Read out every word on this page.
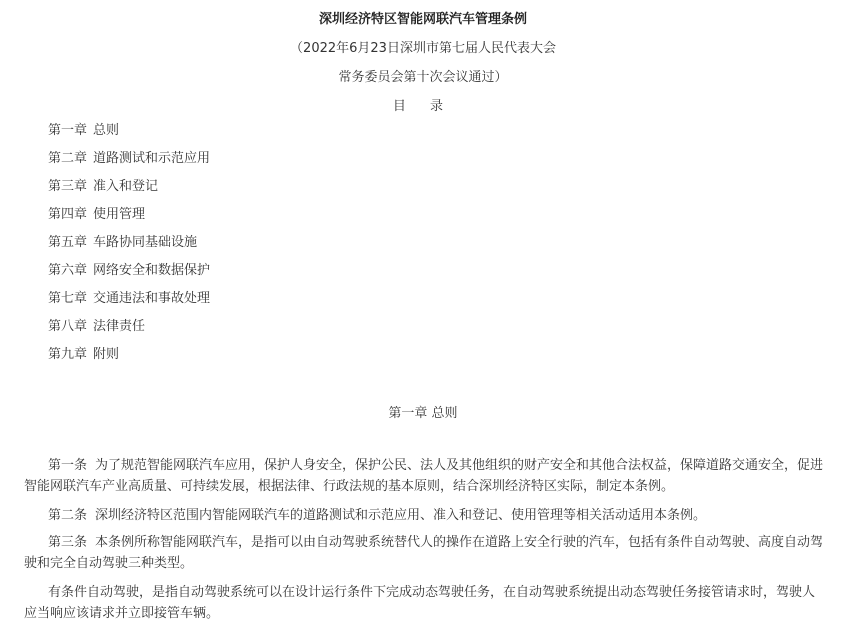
深圳经济特区智能网联汽车管理条例
（2022年6月23日深圳市第七届人民代表大会
常务委员会第十次会议通过）
目 录
第一章 总则
第二章 道路测试和示范应用
第三章 准入和登记
第四章 使用管理
第五章 车路协同基础设施
第六章 网络安全和数据保护
第七章 交通违法和事故处理
第八章 法律责任
第九章 附则
第一章 总则

第一条 为了规范智能网联汽车应用，保护人身安全，保护公民、法人及其他组织的财产安全和其他合法权益，保障道路交通安全，促进智能网联汽车产业高质量、可持续发展，根据法律、行政法规的基本原则，结合深圳经济特区实际，制定本条例。

第二条 深圳经济特区范围内智能网联汽车的道路测试和示范应用、准入和登记、使用管理等相关活动适用本条例。

第三条 本条例所称智能网联汽车，是指可以由自动驾驶系统替代人的操作在道路上安全行驶的汽车，包括有条件自动驾驶、高度自动驾驶和完全自动驾驶三种类型。

有条件自动驾驶，是指自动驾驶系统可以在设计运行条件下完成动态驾驶任务，在自动驾驶系统提出动态驾驶任务接管请求时，驾驶人应当响应该请求并立即接管车辆。
